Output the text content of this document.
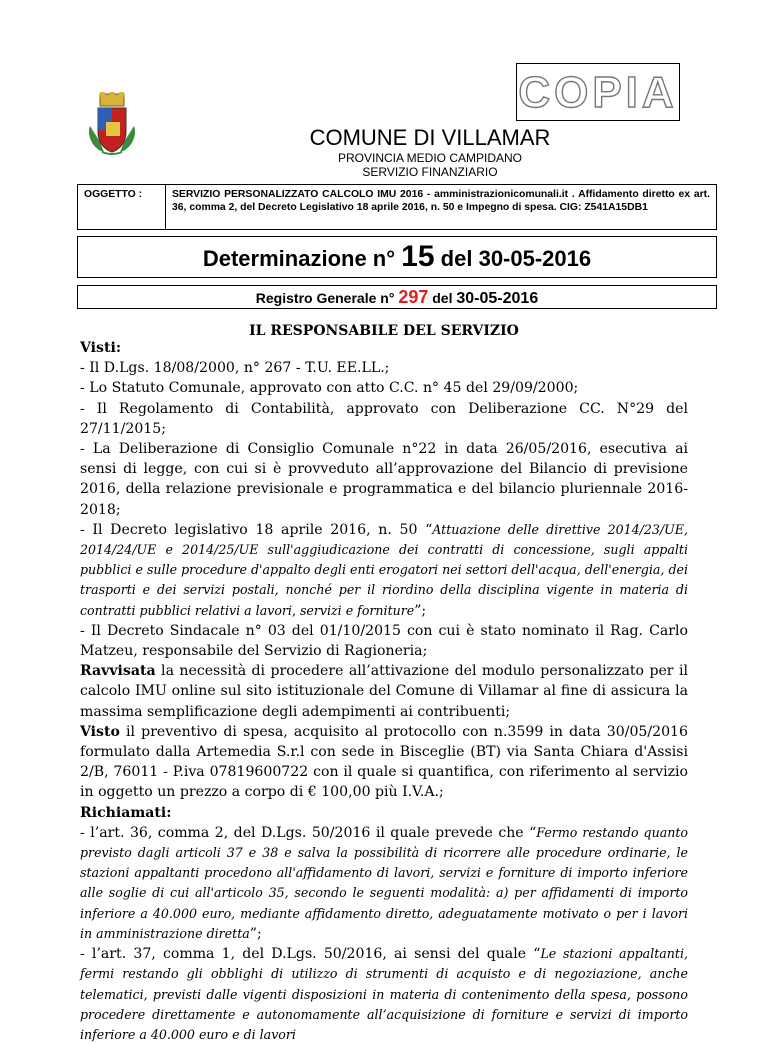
COPIA
COMUNE DI VILLAMAR
PROVINCIA MEDIO CAMPIDANO
SERVIZIO FINANZIARIO
OGGETTO :	SERVIZIO PERSONALIZZATO CALCOLO IMU 2016 - amministrazionicomunali.it . Affidamento diretto ex art. 36, comma 2, del Decreto Legislativo 18 aprile 2016, n. 50 e Impegno di spesa. CIG: Z541A15DB1
Determinazione n° 15 del 30-05-2016
Registro Generale n° 297 del 30-05-2016
IL RESPONSABILE DEL SERVIZIO

Visti:

- Il D.Lgs. 18/08/2000, n° 267 - T.U. EE.LL.;

- Lo Statuto Comunale, approvato con atto C.C. n° 45 del 29/09/2000;

- Il Regolamento di Contabilità, approvato con Deliberazione CC. N°29 del 27/11/2015;

- La Deliberazione di Consiglio Comunale n°22 in data 26/05/2016, esecutiva ai sensi di legge, con cui si è provveduto all’approvazione del Bilancio di previsione 2016, della relazione previsionale e programmatica e del bilancio pluriennale 2016-2018;

- Il Decreto legislativo 18 aprile 2016, n. 50 “Attuazione delle direttive 2014/23/UE, 2014/24/UE e 2014/25/UE sull'aggiudicazione dei contratti di concessione, sugli appalti pubblici e sulle procedure d'appalto degli enti erogatori nei settori dell'acqua, dell'energia, dei trasporti e dei servizi postali, nonché per il riordino della disciplina vigente in materia di contratti pubblici relativi a lavori, servizi e forniture”;

- Il Decreto Sindacale n° 03 del 01/10/2015 con cui è stato nominato il Rag. Carlo Matzeu, responsabile del Servizio di Ragioneria;

Ravvisata la necessità di procedere all’attivazione del modulo personalizzato per il calcolo IMU online sul sito istituzionale del Comune di Villamar al fine di assicura la massima semplificazione degli adempimenti ai contribuenti;

Visto il preventivo di spesa, acquisito al protocollo con n.3599 in data 30/05/2016 formulato dalla Artemedia S.r.l con sede in Bisceglie (BT) via Santa Chiara d'Assisi 2/B, 76011 - P.iva 07819600722 con il quale si quantifica, con riferimento al servizio in oggetto un prezzo a corpo di € 100,00 più I.V.A.;

Richiamati:

- l’art. 36, comma 2, del D.Lgs. 50/2016 il quale prevede che “Fermo restando quanto previsto dagli articoli 37 e 38 e salva la possibilità di ricorrere alle procedure ordinarie, le stazioni appaltanti procedono all'affidamento di lavori, servizi e forniture di importo inferiore alle soglie di cui all'articolo 35, secondo le seguenti modalità: a) per affidamenti di importo inferiore a 40.000 euro, mediante affidamento diretto, adeguatamente motivato o per i lavori in amministrazione diretta”;

- l’art. 37, comma 1, del D.Lgs. 50/2016, ai sensi del quale “Le stazioni appaltanti, fermi restando gli obblighi di utilizzo di strumenti di acquisto e di negoziazione, anche telematici, previsti dalle vigenti disposizioni in materia di contenimento della spesa, possono procedere direttamente e autonomamente all’acquisizione di forniture e servizi di importo inferiore a 40.000 euro e di lavori
